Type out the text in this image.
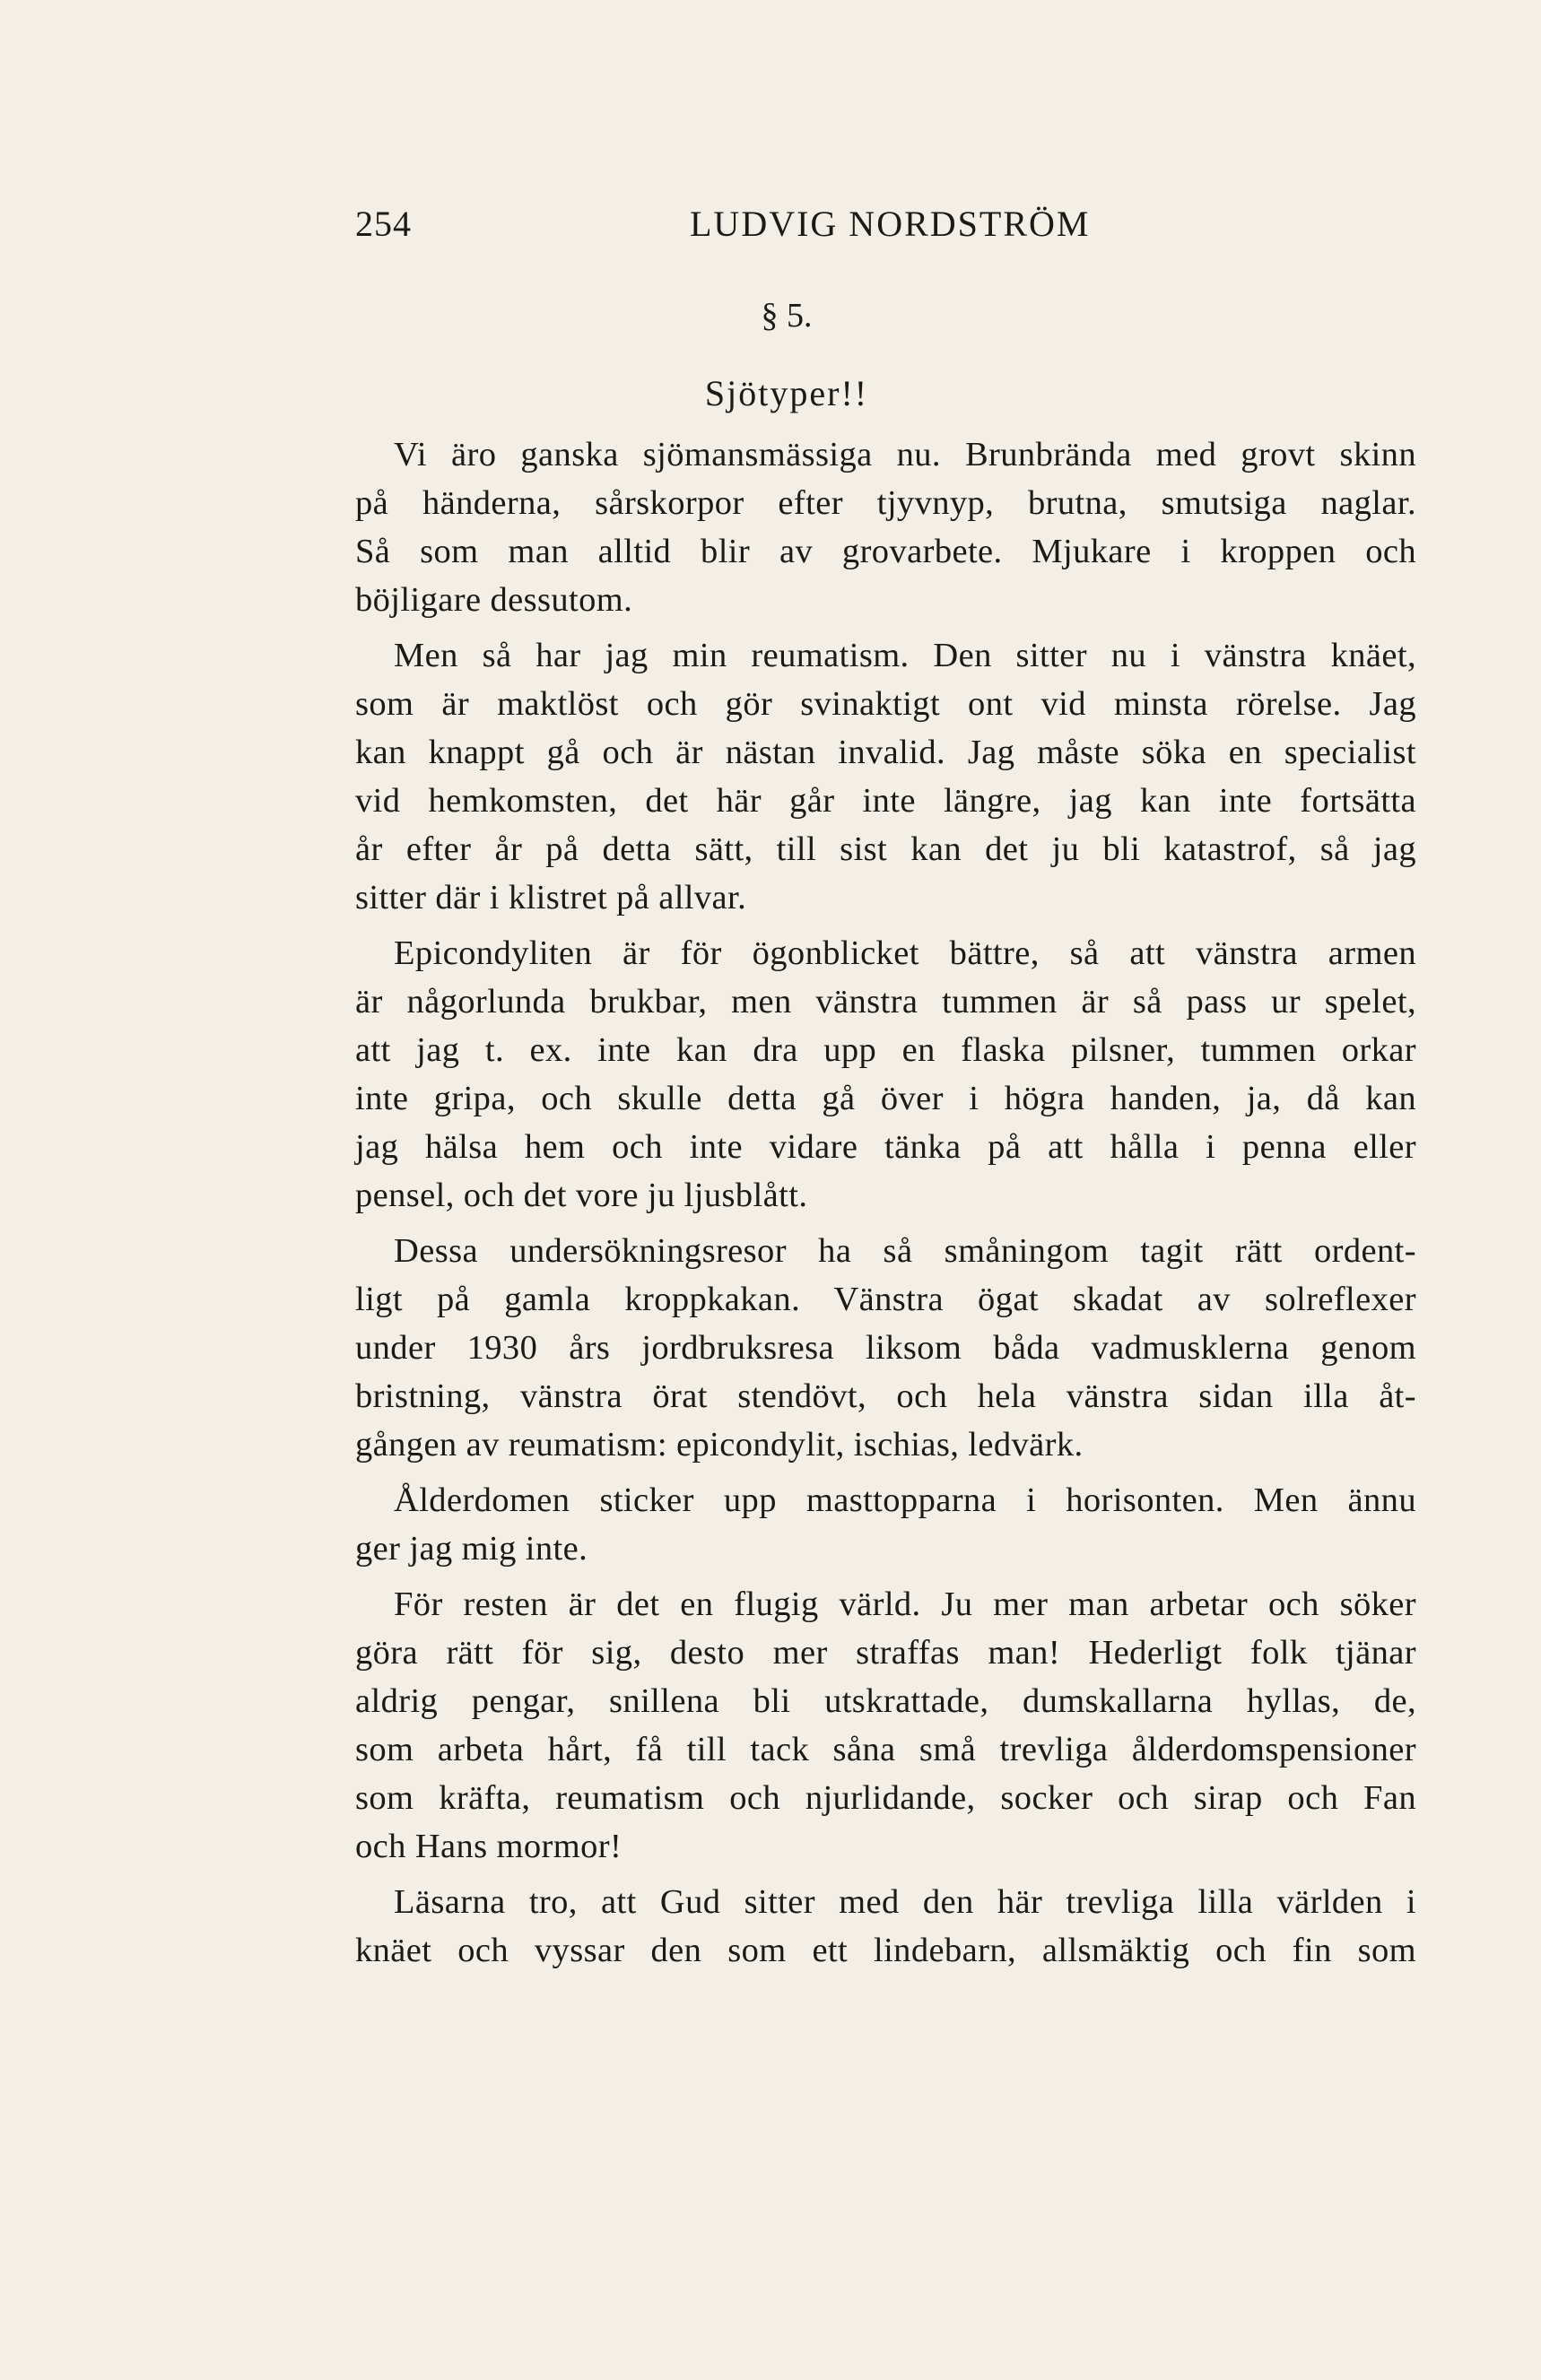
254	LUDVIG NORDSTRÖM
§ 5.
Sjötyper!!
Vi äro ganska sjömansmässiga nu. Brunbrända med grovt skinn
på händerna, sårskorpor efter tjyvnyp, brutna, smutsiga naglar.
Så som man alltid blir av grovarbete. Mjukare i kroppen och
böjligare dessutom.
Men så har jag min reumatism. Den sitter nu i vänstra knäet,
som är maktlöst och gör svinaktigt ont vid minsta rörelse. Jag
kan knappt gå och är nästan invalid. Jag måste söka en specialist
vid hemkomsten, det här går inte längre, jag kan inte fortsätta
år efter år på detta sätt, till sist kan det ju bli katastrof, så jag
sitter där i klistret på allvar.
Epicondyliten är för ögonblicket bättre, så att vänstra armen
är någorlunda brukbar, men vänstra tummen är så pass ur spelet,
att jag t. ex. inte kan dra upp en flaska pilsner, tummen orkar
inte gripa, och skulle detta gå över i högra handen, ja, då kan
jag hälsa hem och inte vidare tänka på att hålla i penna eller
pensel, och det vore ju ljusblått.
Dessa undersökningsresor ha så småningom tagit rätt ordent-
ligt på gamla kroppkakan. Vänstra ögat skadat av solreflexer
under 1930 års jordbruksresa liksom båda vadmusklerna genom
bristning, vänstra örat stendövt, och hela vänstra sidan illa åt-
gången av reumatism: epicondylit, ischias, ledvärk.
Ålderdomen sticker upp masttopparna i horisonten. Men ännu
ger jag mig inte.
För resten är det en flugig värld. Ju mer man arbetar och söker
göra rätt för sig, desto mer straffas man! Hederligt folk tjänar
aldrig pengar, snillena bli utskrattade, dumskallarna hyllas, de,
som arbeta hårt, få till tack såna små trevliga ålderdomspensioner
som kräfta, reumatism och njurlidande, socker och sirap och Fan
och Hans mormor!
Läsarna tro, att Gud sitter med den här trevliga lilla världen i
knäet och vyssar den som ett lindebarn, allsmäktig och fin som
